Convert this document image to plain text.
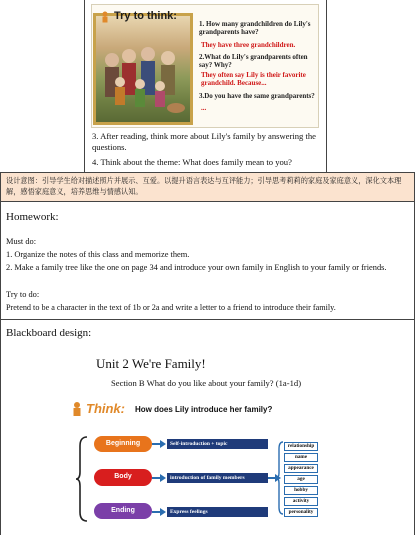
Try to think:
1. How many grandchildren do Lily's grandparents have?
They have three grandchildren.
2.What do Lily's grandparents often say? Why?
They often say Lily is their favorite grandchild. Because...
3.Do you have the same grandparents?
...
3. After reading, think more about Lily's family by answering the questions.
4. Think about the theme: What does family mean to you?
设计意图：引导学生给对描述照片并展示、互爱。以提升语言表达与互评能力；引导思考莉莉的家庭及家庭意义，深化文本理解，感悟家庭意义，培养思维与情感认知。
Homework:
Must do:
1. Organize the notes of this class and memorize them.
2. Make a family tree like the one on page 34 and introduce your own family in English to your family or friends.
Try to do:
Pretend to be a character in the text of 1b or 2a and write a letter to a friend to introduce their family.
Blackboard design:
Unit 2 We're Family!
Section B What do you like about your family? (1a-1d)
Think: How does Lily introduce her family?
Beginning	Self-introduction + topic
Body	introduction of family members
Ending	Express feelings
relationship
name
appearance
age
hobby
activity
personality
